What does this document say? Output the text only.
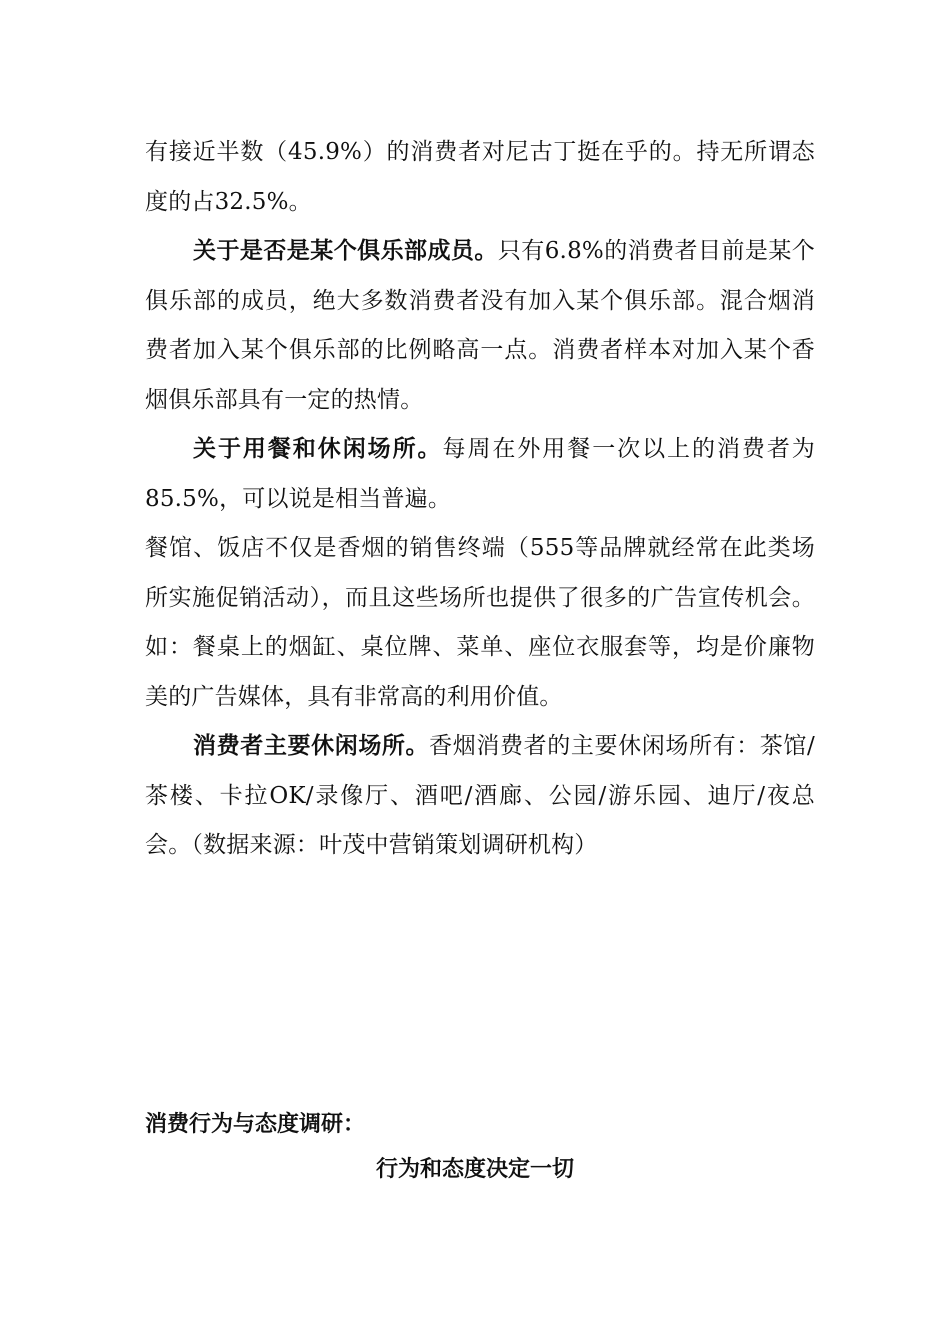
有接近半数（45.9%）的消费者对尼古丁挺在乎的。持无所谓态度的占32.5%。

关于是否是某个俱乐部成员。只有6.8%的消费者目前是某个俱乐部的成员，绝大多数消费者没有加入某个俱乐部。混合烟消费者加入某个俱乐部的比例略高一点。消费者样本对加入某个香烟俱乐部具有一定的热情。

关于用餐和休闲场所。每周在外用餐一次以上的消费者为85.5%，可以说是相当普遍。

餐馆、饭店不仅是香烟的销售终端（555等品牌就经常在此类场所实施促销活动），而且这些场所也提供了很多的广告宣传机会。如：餐桌上的烟缸、桌位牌、菜单、座位衣服套等，均是价廉物美的广告媒体，具有非常高的利用价值。

消费者主要休闲场所。香烟消费者的主要休闲场所有：茶馆/茶楼、卡拉OK/录像厅、酒吧/酒廊、公园/游乐园、迪厅/夜总会。（数据来源：叶茂中营销策划调研机构）

消费行为与态度调研：
行为和态度决定一切
